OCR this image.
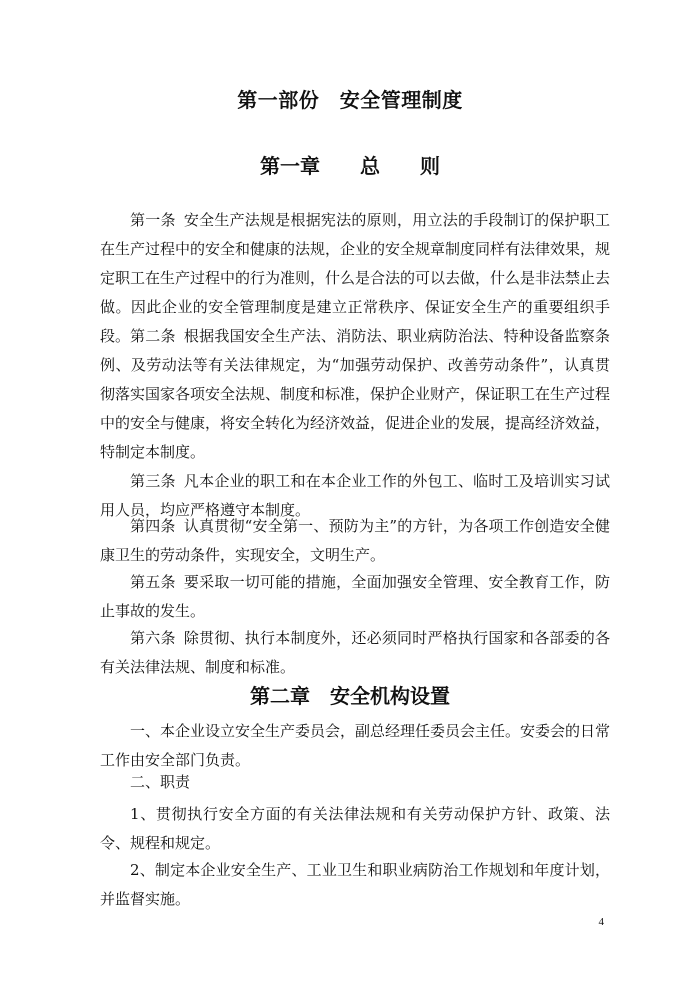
第一部份　安全管理制度
第一章　　总　　则

第一条 安全生产法规是根据宪法的原则，用立法的手段制订的保护职工在生产过程中的安全和健康的法规，企业的安全规章制度同样有法律效果，规定职工在生产过程中的行为准则，什么是合法的可以去做，什么是非法禁止去做。因此企业的安全管理制度是建立正常秩序、保证安全生产的重要组织手段。 第二条 根据我国安全生产法、消防法、职业病防治法、特种设备监察条例、及劳动法等有关法律规定，为“加强劳动保护、改善劳动条件”，认真贯彻落实国家各项安全法规、制度和标准，保护企业财产，保证职工在生产过程中的安全与健康，将安全转化为经济效益，促进企业的发展，提高经济效益，特制定本制度。

第三条 凡本企业的职工和在本企业工作的外包工、临时工及培训实习试用人员，均应严格遵守本制度。

第四条 认真贯彻“安全第一、预防为主”的方针，为各项工作创造安全健康卫生的劳动条件，实现安全，文明生产。

第五条 要采取一切可能的措施，全面加强安全管理、安全教育工作，防止事故的发生。

第六条 除贯彻、执行本制度外，还必须同时严格执行国家和各部委的各有关法律法规、制度和标准。

第二章　安全机构设置

一、本企业设立安全生产委员会，副总经理任委员会主任。安委会的日常工作由安全部门负责。

二、职责

1、贯彻执行安全方面的有关法律法规和有关劳动保护方针、政策、法令、规程和规定。

2、制定本企业安全生产、工业卫生和职业病防治工作规划和年度计划，并监督实施。

4
